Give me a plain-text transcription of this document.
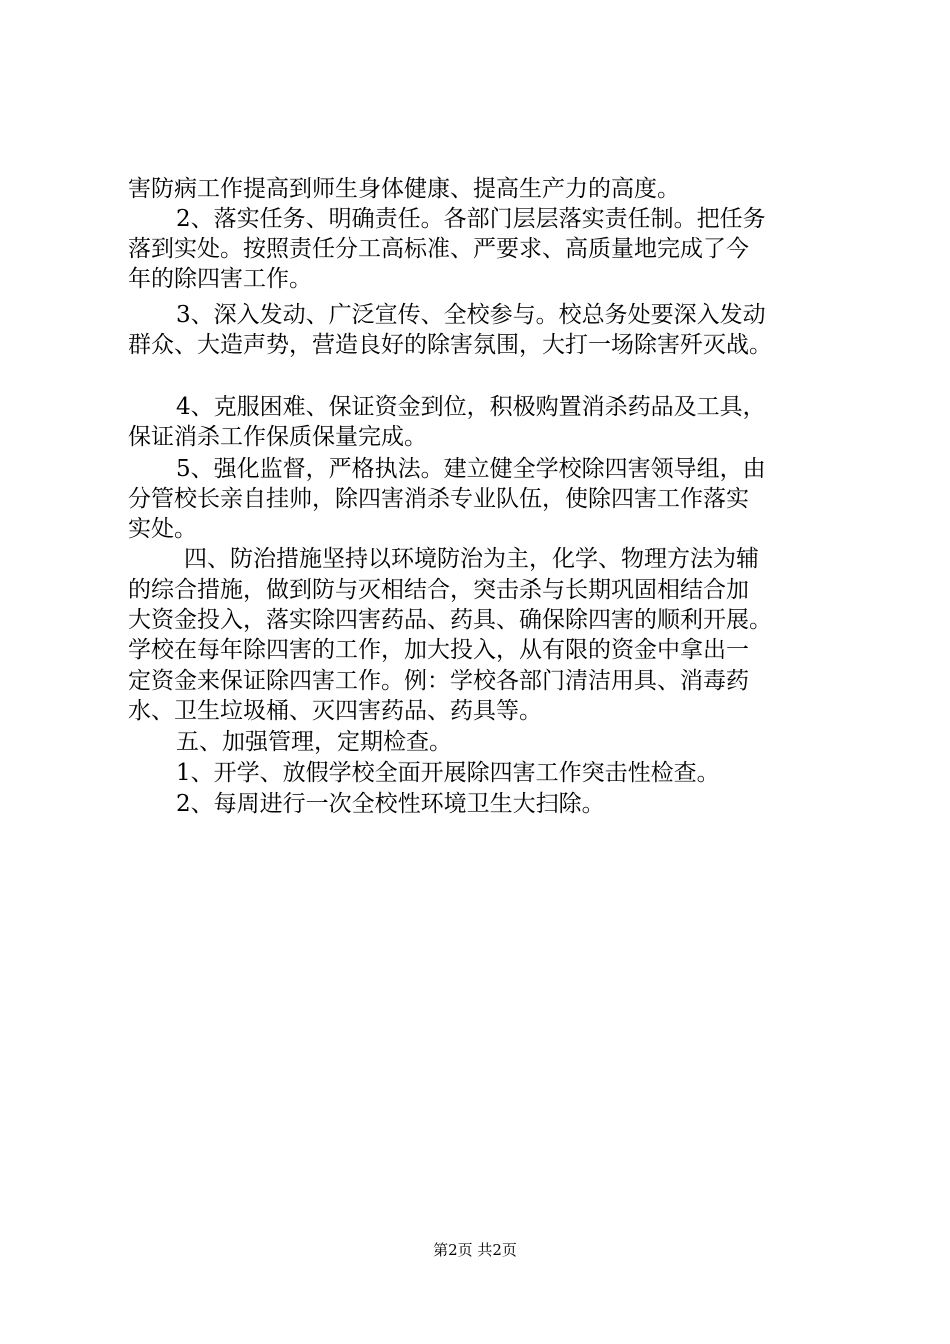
害防病工作提高到师生身体健康、提高生产力的高度。
2、落实任务、明确责任。各部门层层落实责任制。把任务
落到实处。按照责任分工高标准、严要求、高质量地完成了今
年的除四害工作。
3、深入发动、广泛宣传、全校参与。校总务处要深入发动
群众、大造声势，营造良好的除害氛围，大打一场除害歼灭战。
4、克服困难、保证资金到位，积极购置消杀药品及工具，
保证消杀工作保质保量完成。
5、强化监督，严格执法。建立健全学校除四害领导组，由
分管校长亲自挂帅，除四害消杀专业队伍，使除四害工作落实
实处。
四、防治措施坚持以环境防治为主，化学、物理方法为辅
的综合措施，做到防与灭相结合，突击杀与长期巩固相结合加
大资金投入，落实除四害药品、药具、确保除四害的顺利开展。
学校在每年除四害的工作，加大投入，从有限的资金中拿出一
定资金来保证除四害工作。例：学校各部门清洁用具、消毒药
水、卫生垃圾桶、灭四害药品、药具等。
五、加强管理，定期检查。
1、开学、放假学校全面开展除四害工作突击性检查。
2、每周进行一次全校性环境卫生大扫除。
第2页 共2页
